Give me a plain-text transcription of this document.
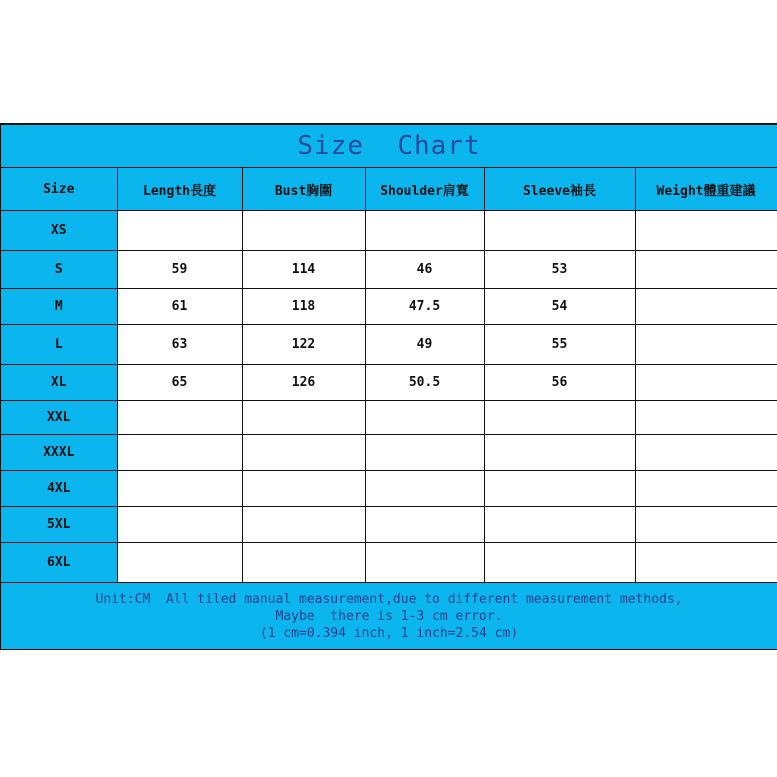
Size  Chart
Size	Length長度	Bust胸圍	Shoulder肩寬	Sleeve袖長	Weight體重建議
XS					
S	59	114	46	53	
M	61	118	47.5	54	
L	63	122	49	55	
XL	65	126	50.5	56	
XXL					
XXXL					
4XL					
5XL					
6XL					
Unit:CM  All tiled manual measurement,due to different measurement methods,
Maybe  there is 1-3 cm error.
(1 cm=0.394 inch, 1 inch=2.54 cm)
